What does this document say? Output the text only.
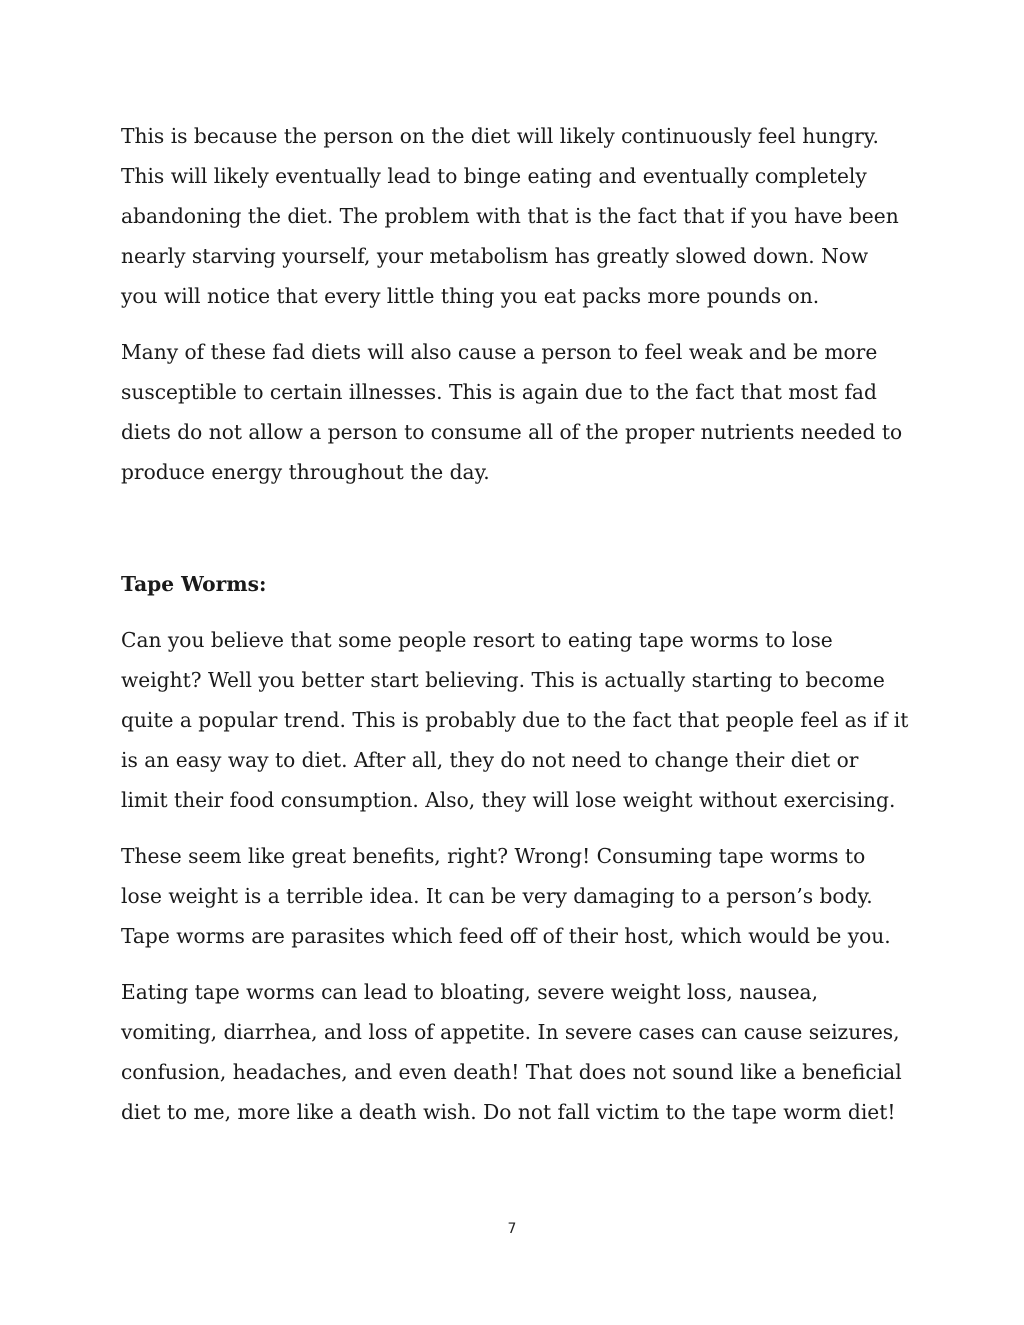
This is because the person on the diet will likely continuously feel hungry.
This will likely eventually lead to binge eating and eventually completely
abandoning the diet. The problem with that is the fact that if you have been
nearly starving yourself, your metabolism has greatly slowed down. Now
you will notice that every little thing you eat packs more pounds on.

Many of these fad diets will also cause a person to feel weak and be more
susceptible to certain illnesses. This is again due to the fact that most fad
diets do not allow a person to consume all of the proper nutrients needed to
produce energy throughout the day.

Tape Worms:

Can you believe that some people resort to eating tape worms to lose
weight? Well you better start believing. This is actually starting to become
quite a popular trend. This is probably due to the fact that people feel as if it
is an easy way to diet. After all, they do not need to change their diet or
limit their food consumption. Also, they will lose weight without exercising.

These seem like great benefits, right? Wrong! Consuming tape worms to
lose weight is a terrible idea. It can be very damaging to a person’s body.
Tape worms are parasites which feed off of their host, which would be you.

Eating tape worms can lead to bloating, severe weight loss, nausea,
vomiting, diarrhea, and loss of appetite. In severe cases can cause seizures,
confusion, headaches, and even death! That does not sound like a beneficial
diet to me, more like a death wish. Do not fall victim to the tape worm diet!

7
